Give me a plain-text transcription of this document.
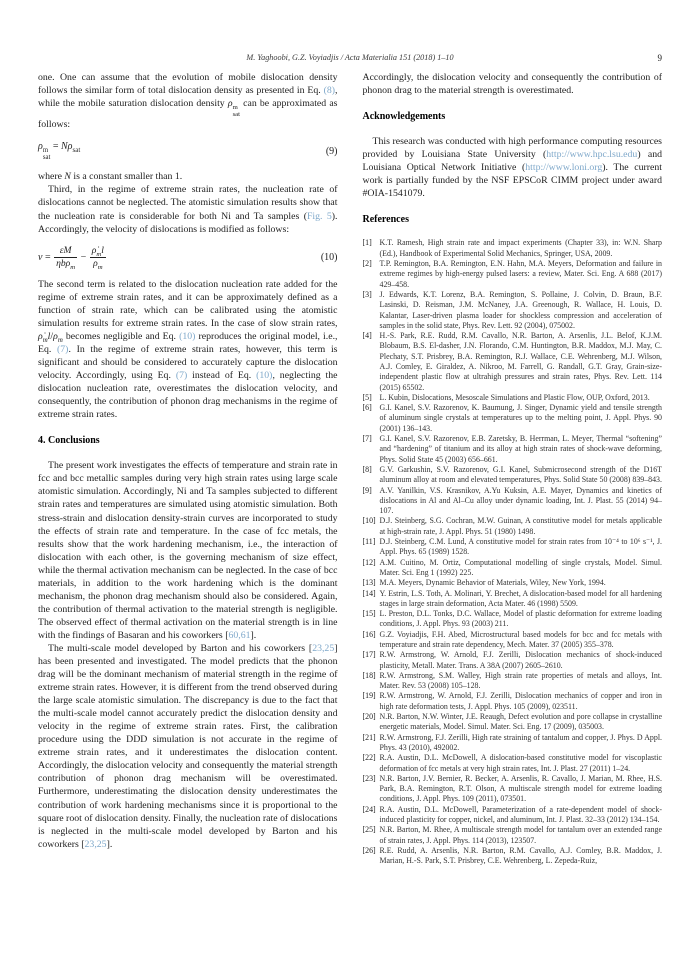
M. Yaghoobi, G.Z. Voyiadjis / Acta Materialia 151 (2018) 1–10	9

one. One can assume that the evolution of mobile dislocation density follows the similar form of total dislocation density as presented in Eq. (8), while the mobile saturation dislocation density ρ m
sat
can be approximated as follows:

ρ m
sat
= $N\rho_{sat}$	(9)

where N is a constant smaller than 1.

Third, in the regime of extreme strain rates, the nucleation rate of dislocations cannot be neglected. The atomistic simulation results show that the nucleation rate is considerable for both Ni and Ta samples (Fig. 5). Accordingly, the velocity of dislocations is modified as follows:

$v = \frac{\varepsiloṅM}{\eta b\rho_m} - \frac{\rhȯ_ml}{\rho_m}$	(10)

The second term is related to the dislocation nucleation rate added for the regime of extreme strain rates, and it can be approximately defined as a function of strain rate, which can be calibrated using the atomistic simulation results for extreme strain rates. In the case of slow strain rates, $\rhȯ_ml/\rho_m$ becomes negligible and Eq. (10) reproduces the original model, i.e., Eq. (7). In the regime of extreme strain rates, however, this term is significant and should be considered to accurately capture the dislocation velocity. Accordingly, using Eq. (7) instead of Eq. (10), neglecting the dislocation nucleation rate, overestimates the dislocation velocity, and consequently, the contribution of phonon drag mechanisms in the regime of extreme strain rates.

4. Conclusions

The present work investigates the effects of temperature and strain rate in fcc and bcc metallic samples during very high strain rates using large scale atomistic simulation. Accordingly, Ni and Ta samples subjected to different strain rates and temperatures are simulated using atomistic simulation. Both stress-strain and dislocation density-strain curves are incorporated to study the effects of strain rate and temperature. In the case of fcc metals, the results show that the work hardening mechanism, i.e., the interaction of dislocation with each other, is the governing mechanism of size effect, while the thermal activation mechanism can be neglected. In the case of bcc materials, in addition to the work hardening which is the dominant mechanism, the phonon drag mechanism should also be considered. Again, the contribution of thermal activation to the material strength is negligible. The observed effect of thermal activation on the material strength is in line with the findings of Basaran and his coworkers [60,61].

The multi-scale model developed by Barton and his coworkers [23,25] has been presented and investigated. The model predicts that the phonon drag will be the dominant mechanism of material strength in the regime of extreme strain rates. However, it is different from the trend observed during the large scale atomistic simulation. The discrepancy is due to the fact that the multi-scale model cannot accurately predict the dislocation density and velocity in the regime of extreme strain rates. First, the calibration procedure using the DDD simulation is not accurate in the regime of extreme strain rates, and it underestimates the dislocation content. Accordingly, the dislocation velocity and consequently the material strength contribution of phonon drag mechanism will be overestimated. Furthermore, underestimating the dislocation density underestimates the contribution of work hardening mechanisms since it is proportional to the square root of dislocation density. Finally, the nucleation rate of dislocations is neglected in the multi-scale model developed by Barton and his coworkers [23,25].

Accordingly, the dislocation velocity and consequently the contribution of phonon drag to the material strength is overestimated.

Acknowledgements

This research was conducted with high performance computing resources provided by Louisiana State University (http://www.hpc.lsu.edu) and Louisiana Optical Network Initiative (http://www.loni.org). The current work is partially funded by the NSF EPSCoR CIMM project under award #OIA-1541079.

References
[1] K.T. Ramesh, High strain rate and impact experiments (Chapter 33), in: W.N. Sharp (Ed.), Handbook of Experimental Solid Mechanics, Springer, USA, 2009.
[2] T.P. Remington, B.A. Remington, E.N. Hahn, M.A. Meyers, Deformation and failure in extreme regimes by high-energy pulsed lasers: a review, Mater. Sci. Eng. A 688 (2017) 429–458.
[3] J. Edwards, K.T. Lorenz, B.A. Remington, S. Pollaine, J. Colvin, D. Braun, B.F. Lasinski, D. Reisman, J.M. McNaney, J.A. Greenough, R. Wallace, H. Louis, D. Kalantar, Laser-driven plasma loader for shockless compression and acceleration of samples in the solid state, Phys. Rev. Lett. 92 (2004), 075002.
[4] H.-S. Park, R.E. Rudd, R.M. Cavallo, N.R. Barton, A. Arsenlis, J.L. Belof, K.J.M. Blobaum, B.S. El-dasher, J.N. Florando, C.M. Huntington, B.R. Maddox, M.J. May, C. Plechaty, S.T. Prisbrey, B.A. Remington, R.J. Wallace, C.E. Wehrenberg, M.J. Wilson, A.J. Comley, E. Giraldez, A. Nikroo, M. Farrell, G. Randall, G.T. Gray, Grain-size-independent plastic flow at ultrahigh pressures and strain rates, Phys. Rev. Lett. 114 (2015) 65502.
[5] L. Kubin, Dislocations, Mesoscale Simulations and Plastic Flow, OUP, Oxford, 2013.
[6] G.I. Kanel, S.V. Razorenov, K. Baumung, J. Singer, Dynamic yield and tensile strength of aluminum single crystals at temperatures up to the melting point, J. Appl. Phys. 90 (2001) 136–143.
[7] G.I. Kanel, S.V. Razorenov, E.B. Zaretsky, B. Herrman, L. Meyer, Thermal “softening” and “hardening” of titanium and its alloy at high strain rates of shock-wave deforming, Phys. Solid State 45 (2003) 656–661.
[8] G.V. Garkushin, S.V. Razorenov, G.I. Kanel, Submicrosecond strength of the D16T aluminum alloy at room and elevated temperatures, Phys. Solid State 50 (2008) 839–843.
[9] A.V. Yanilkin, V.S. Krasnikov, A.Yu Kuksin, A.E. Mayer, Dynamics and kinetics of dislocations in Al and Al–Cu alloy under dynamic loading, Int. J. Plast. 55 (2014) 94–107.
[10] D.J. Steinberg, S.G. Cochran, M.W. Guinan, A constitutive model for metals applicable at high-strain rate, J. Appl. Phys. 51 (1980) 1498.
[11] D.J. Steinberg, C.M. Lund, A constitutive model for strain rates from 10⁻⁴ to 10⁶ s⁻¹, J. Appl. Phys. 65 (1989) 1528.
[12] A.M. Cuitino, M. Ortiz, Computational modelling of single crystals, Model. Simul. Mater. Sci. Eng 1 (1992) 225.
[13] M.A. Meyers, Dynamic Behavior of Materials, Wiley, New York, 1994.
[14] Y. Estrin, L.S. Toth, A. Molinari, Y. Brechet, A dislocation-based model for all hardening stages in large strain deformation, Acta Mater. 46 (1998) 5509.
[15] L. Preston, D.L. Tonks, D.C. Wallace, Model of plastic deformation for extreme loading conditions, J. Appl. Phys. 93 (2003) 211.
[16] G.Z. Voyiadjis, F.H. Abed, Microstructural based models for bcc and fcc metals with temperature and strain rate dependency, Mech. Mater. 37 (2005) 355–378.
[17] R.W. Armstrong, W. Arnold, F.J. Zerilli, Dislocation mechanics of shock-induced plasticity, Metall. Mater. Trans. A 38A (2007) 2605–2610.
[18] R.W. Armstrong, S.M. Walley, High strain rate properties of metals and alloys, Int. Mater. Rev. 53 (2008) 105–128.
[19] R.W. Armstrong, W. Arnold, F.J. Zerilli, Dislocation mechanics of copper and iron in high rate deformation tests, J. Appl. Phys. 105 (2009), 023511.
[20] N.R. Barton, N.W. Winter, J.E. Reaugh, Defect evolution and pore collapse in crystalline energetic materials, Model. Simul. Mater. Sci. Eng. 17 (2009), 035003.
[21] R.W. Armstrong, F.J. Zerilli, High rate straining of tantalum and copper, J. Phys. D Appl. Phys. 43 (2010), 492002.
[22] R.A. Austin, D.L. McDowell, A dislocation-based constitutive model for viscoplastic deformation of fcc metals at very high strain rates, Int. J. Plast. 27 (2011) 1–24.
[23] N.R. Barton, J.V. Bernier, R. Becker, A. Arsenlis, R. Cavallo, J. Marian, M. Rhee, H.S. Park, B.A. Remington, R.T. Olson, A multiscale strength model for extreme loading conditions, J. Appl. Phys. 109 (2011), 073501.
[24] R.A. Austin, D.L. McDowell, Parameterization of a rate-dependent model of shock-induced plasticity for copper, nickel, and aluminum, Int. J. Plast. 32–33 (2012) 134–154.
[25] N.R. Barton, M. Rhee, A multiscale strength model for tantalum over an extended range of strain rates, J. Appl. Phys. 114 (2013), 123507.
[26] R.E. Rudd, A. Arsenlis, N.R. Barton, R.M. Cavallo, A.J. Comley, B.R. Maddox, J. Marian, H.-S. Park, S.T. Prisbrey, C.E. Wehrenberg, L. Zepeda-Ruiz,
